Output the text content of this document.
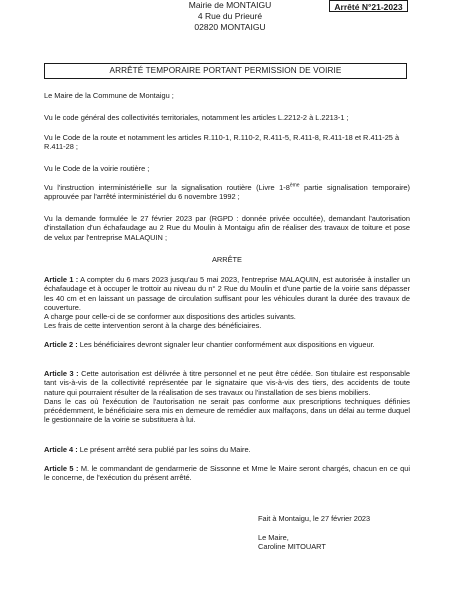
Mairie de MONTAIGU
4 Rue du Prieuré
02820 MONTAIGU
Arrêté N°21-2023
ARRÊTÉ TEMPORAIRE PORTANT PERMISSION DE VOIRIE
Le Maire de la Commune de Montaigu ;
Vu le code général des collectivités territoriales, notamment les articles L.2212-2 à L.2213-1 ;
Vu le Code de la route et notamment les articles R.110-1, R.110-2, R.411-5, R.411-8, R.411-18 et R.411-25 à R.411-28 ;
Vu le Code de la voirie routière ;
Vu l'instruction interministérielle sur la signalisation routière (Livre 1-8ème partie signalisation temporaire) approuvée par l'arrêté interministériel du 6 novembre 1992 ;
Vu la demande formulée le 27 février 2023 par (RGPD : donnée privée occultée), demandant l'autorisation d'installation d'un échafaudage au 2 Rue du Moulin à Montaigu afin de réaliser des travaux de toiture et pose de velux par l'entreprise MALAQUIN ;
ARRÊTE
Article 1 : A compter du 6 mars 2023 jusqu'au 5 mai 2023, l'entreprise MALAQUIN, est autorisée à installer un échafaudage et à occuper le trottoir au niveau du n° 2 Rue du Moulin et d'une partie de la voirie sans dépasser les 40 cm et en laissant un passage de circulation suffisant pour les véhicules durant la durée des travaux de couverture.
A charge pour celle-ci de se conformer aux dispositions des articles suivants.
Les frais de cette intervention seront à la charge des bénéficiaires.
Article 2 : Les bénéficiaires devront signaler leur chantier conformément aux dispositions en vigueur.
Article 3 : Cette autorisation est délivrée à titre personnel et ne peut être cédée. Son titulaire est responsable tant vis-à-vis de la collectivité représentée par le signataire que vis-à-vis des tiers, des accidents de toute nature qui pourraient résulter de la réalisation de ses travaux ou l'installation de ses biens mobiliers.
Dans le cas où l'exécution de l'autorisation ne serait pas conforme aux prescriptions techniques définies précédemment, le bénéficiaire sera mis en demeure de remédier aux malfaçons, dans un délai au terme duquel le gestionnaire de la voirie se substituera à lui.
Article 4 : Le présent arrêté sera publié par les soins du Maire.
Article 5 : M. le commandant de gendarmerie de Sissonne et Mme le Maire seront chargés, chacun en ce qui le concerne, de l'exécution du présent arrêté.
Fait à Montaigu, le 27 février 2023
Le Maire,
Caroline MITOUART
